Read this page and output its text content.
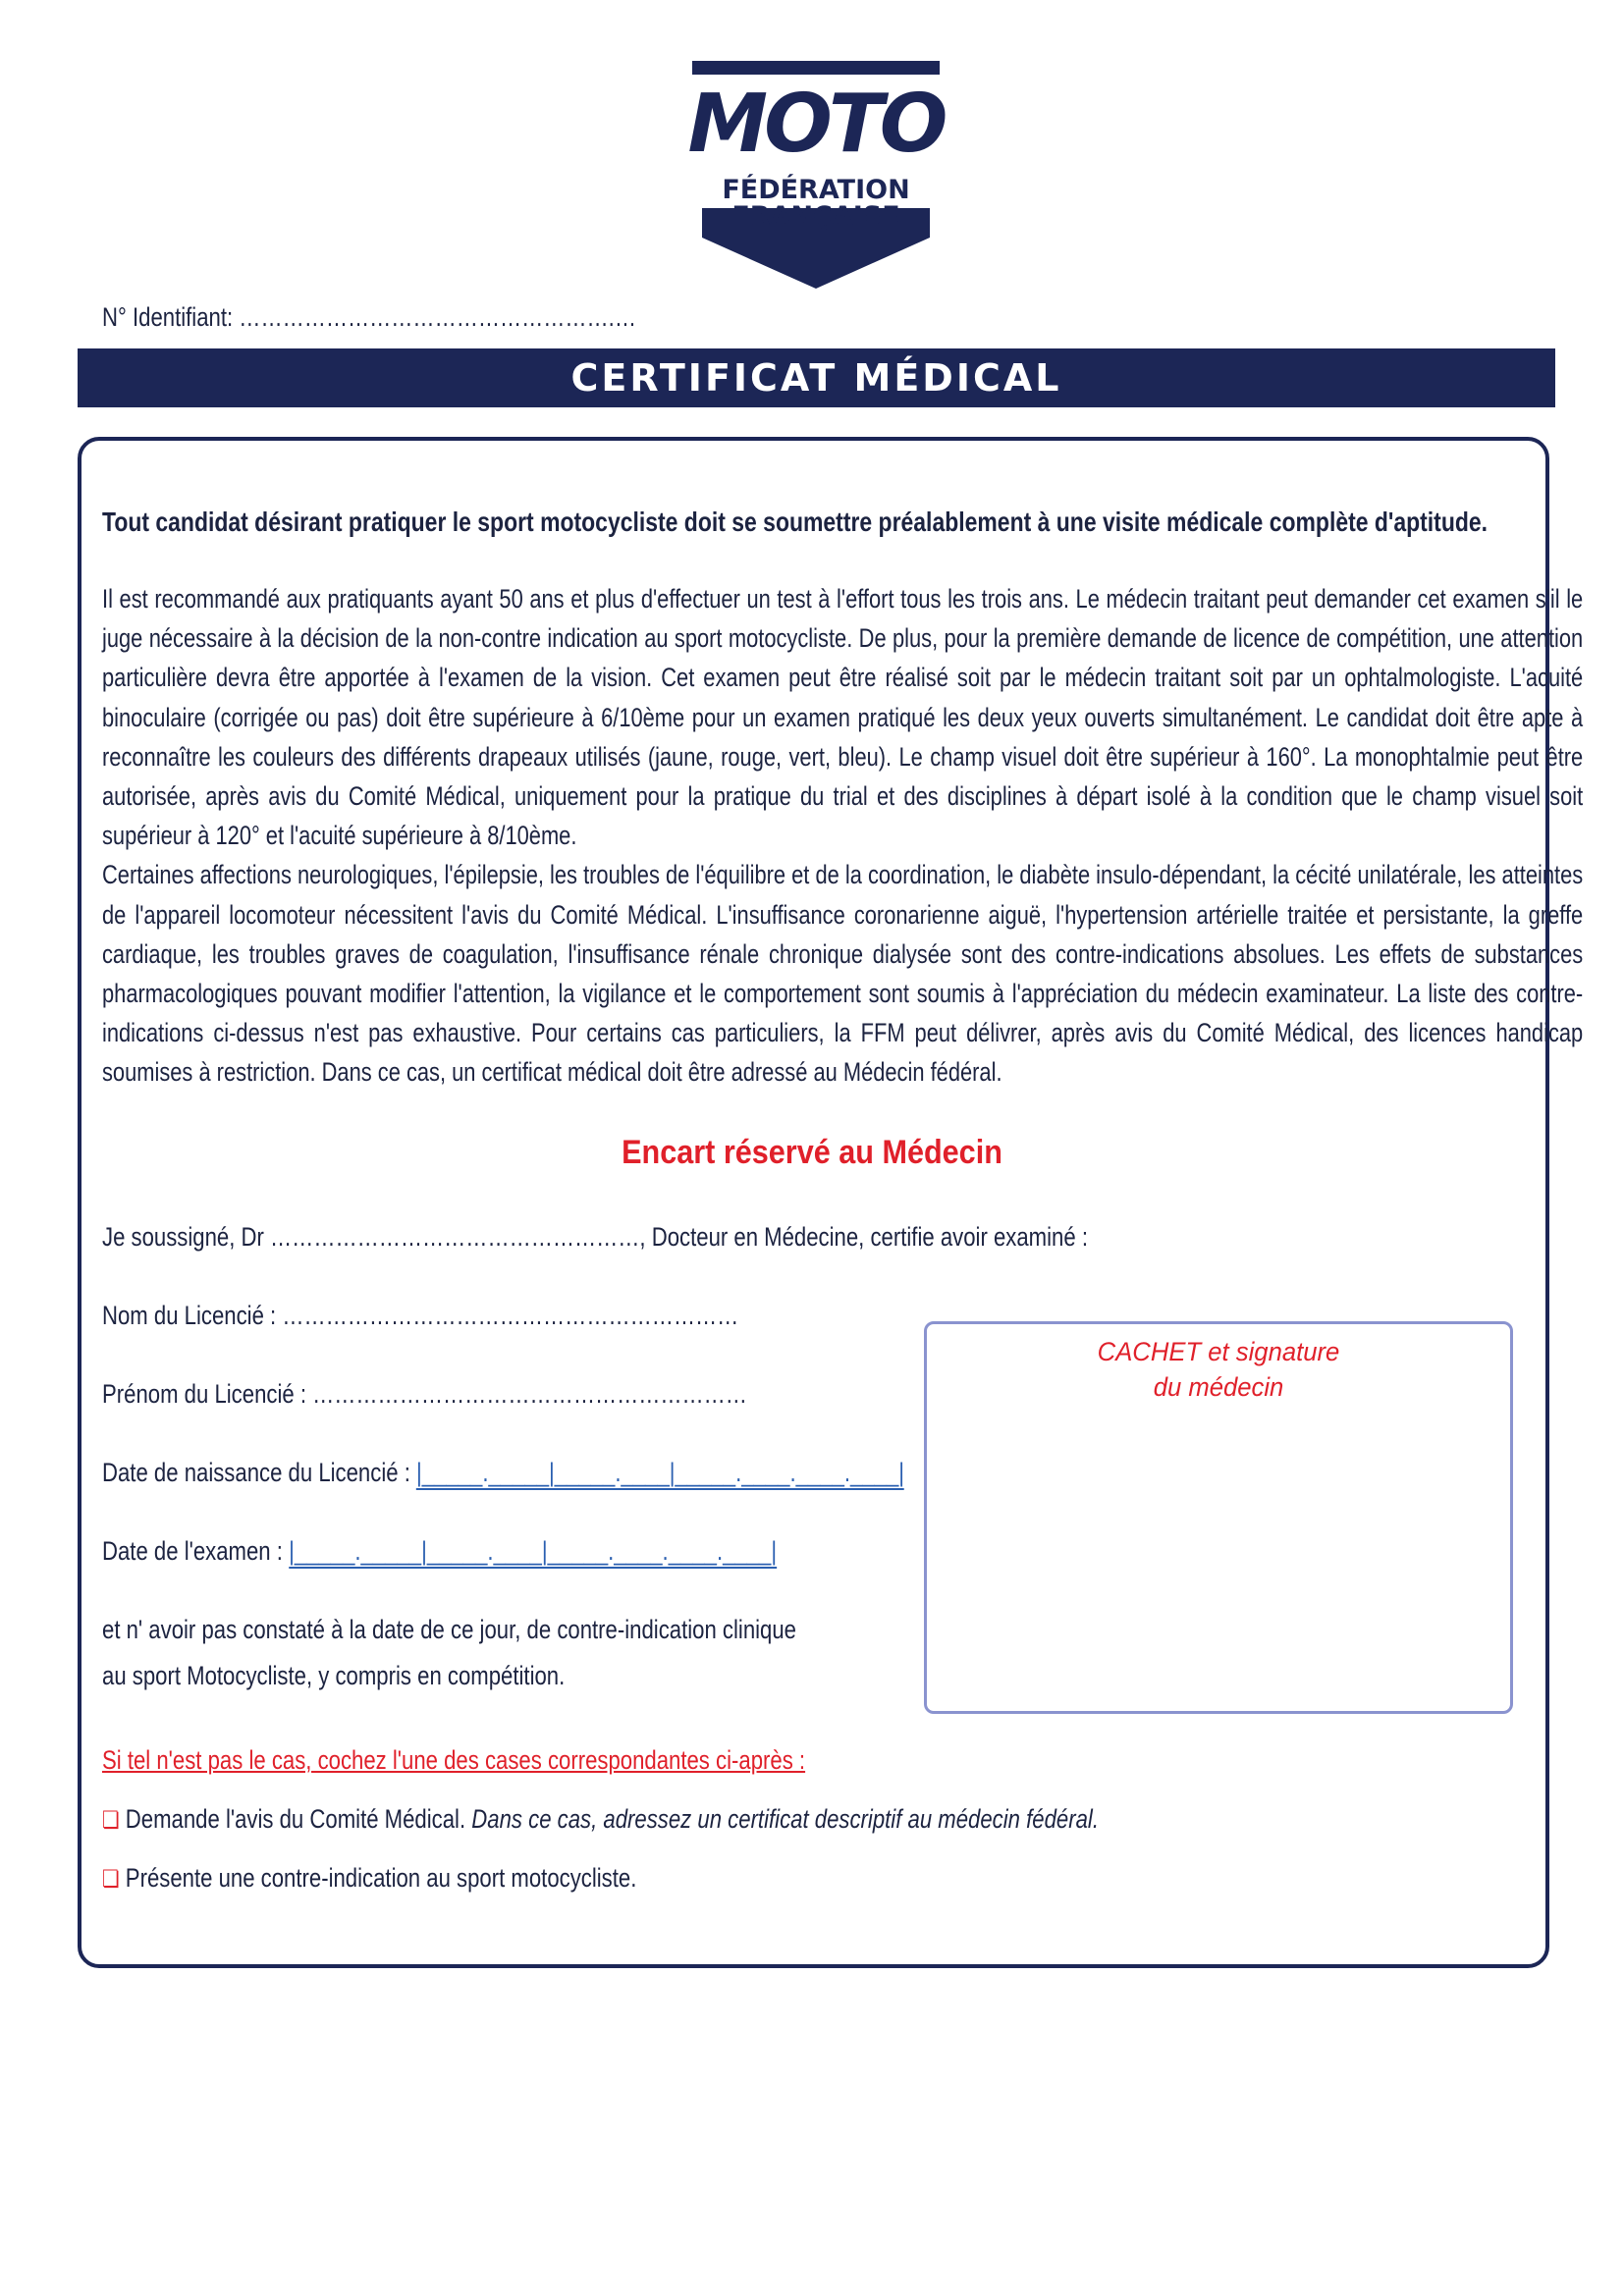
MOTO
FÉDÉRATION
FRANÇAISE
N° Identifiant: …………………………………………….…
CERTIFICAT MÉDICAL
Tout candidat désirant pratiquer le sport motocycliste doit se soumettre préalablement à une visite médicale complète d'aptitude.

Il est recommandé aux pratiquants ayant 50 ans et plus d'effectuer un test à l'effort tous les trois ans. Le médecin traitant peut demander cet examen s'il le juge nécessaire à la décision de la non-contre indication au sport motocycliste. De plus, pour la première demande de licence de compétition, une attention particulière devra être apportée à l'examen de la vision. Cet examen peut être réalisé soit par le médecin traitant soit par un ophtalmologiste. L'acuité binoculaire (corrigée ou pas) doit être supérieure à 6/10ème pour un examen pratiqué les deux yeux ouverts simultanément. Le candidat doit être apte à reconnaître les couleurs des différents drapeaux utilisés (jaune, rouge, vert, bleu). Le champ visuel doit être supérieur à 160°. La monophtalmie peut être autorisée, après avis du Comité Médical, uniquement pour la pratique du trial et des disciplines à départ isolé à la condition que le champ visuel soit supérieur à 120° et l'acuité supérieure à 8/10ème.

Certaines affections neurologiques, l'épilepsie, les troubles de l'équilibre et de la coordination, le diabète insulo-dépendant, la cécité unilatérale, les atteintes de l'appareil locomoteur nécessitent l'avis du Comité Médical. L'insuffisance coronarienne aiguë, l'hypertension artérielle traitée et persistante, la greffe cardiaque, les troubles graves de coagulation, l'insuffisance rénale chronique dialysée sont des contre-indications absolues. Les effets de substances pharmacologiques pouvant modifier l'attention, la vigilance et le comportement sont soumis à l'appréciation du médecin examinateur. La liste des contre-indications ci-dessus n'est pas exhaustive. Pour certains cas particuliers, la FFM peut délivrer, après avis du Comité Médical, des licences handicap soumises à restriction. Dans ce cas, un certificat médical doit être adressé au Médecin fédéral.

Encart réservé au Médecin
Je soussigné, Dr ……………………………………………, Docteur en Médecine, certifie avoir examiné :
Nom du Licencié : ………………………………………………………
Prénom du Licencié : ……………………………………………………
Date de naissance du Licencié : |_____._____|_____.____|_____.____.____.____|
Date de l'examen : |_____._____|_____.____|_____.____.____.____|
et n' avoir pas constaté à la date de ce jour, de contre-indication clinique
au sport Motocycliste, y compris en compétition.
CACHET et signature
du médecin
Si tel n'est pas le cas, cochez l'une des cases correspondantes ci-après :
❏ Demande l'avis du Comité Médical. Dans ce cas, adressez un certificat descriptif au médecin fédéral.
❏ Présente une contre-indication au sport motocycliste.
